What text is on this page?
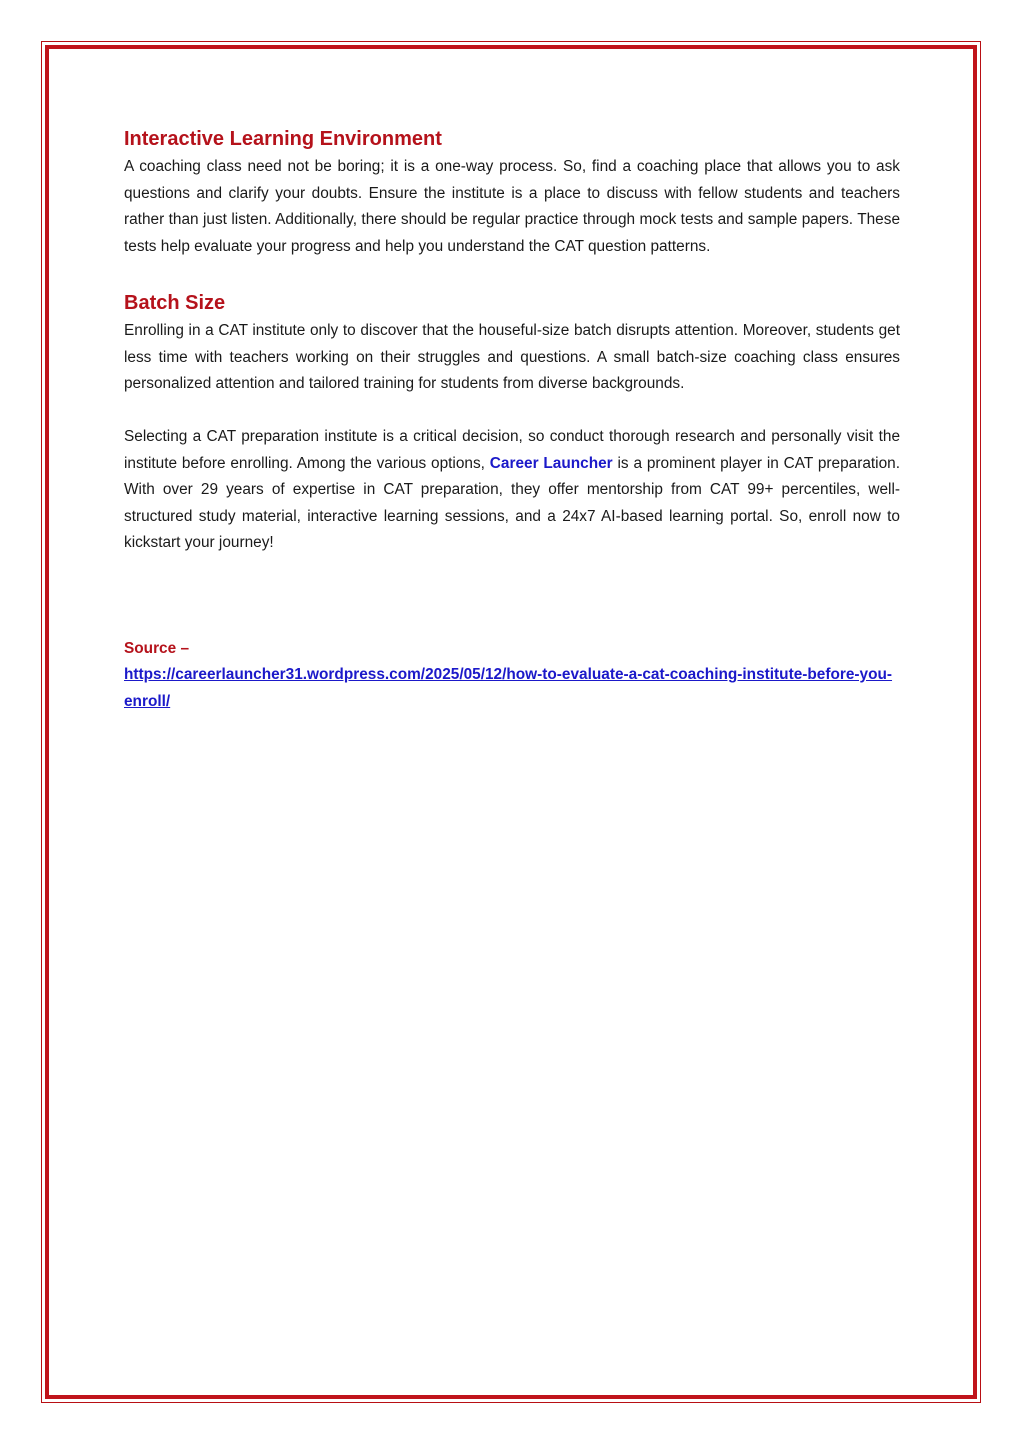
Interactive Learning Environment

A coaching class need not be boring; it is a one-way process. So, find a coaching place that allows you to ask questions and clarify your doubts. Ensure the institute is a place to discuss with fellow students and teachers rather than just listen. Additionally, there should be regular practice through mock tests and sample papers. These tests help evaluate your progress and help you understand the CAT question patterns.

Batch Size

Enrolling in a CAT institute only to discover that the houseful-size batch disrupts attention. Moreover, students get less time with teachers working on their struggles and questions. A small batch-size coaching class ensures personalized attention and tailored training for students from diverse backgrounds.

Selecting a CAT preparation institute is a critical decision, so conduct thorough research and personally visit the institute before enrolling. Among the various options, Career Launcher is a prominent player in CAT preparation. With over 29 years of expertise in CAT preparation, they offer mentorship from CAT 99+ percentiles, well-structured study material, interactive learning sessions, and a 24x7 AI-based learning portal. So, enroll now to kickstart your journey!

Source –
https://careerlauncher31.wordpress.com/2025/05/12/how-to-evaluate-a-cat-coaching-institute-before-you-enroll/
